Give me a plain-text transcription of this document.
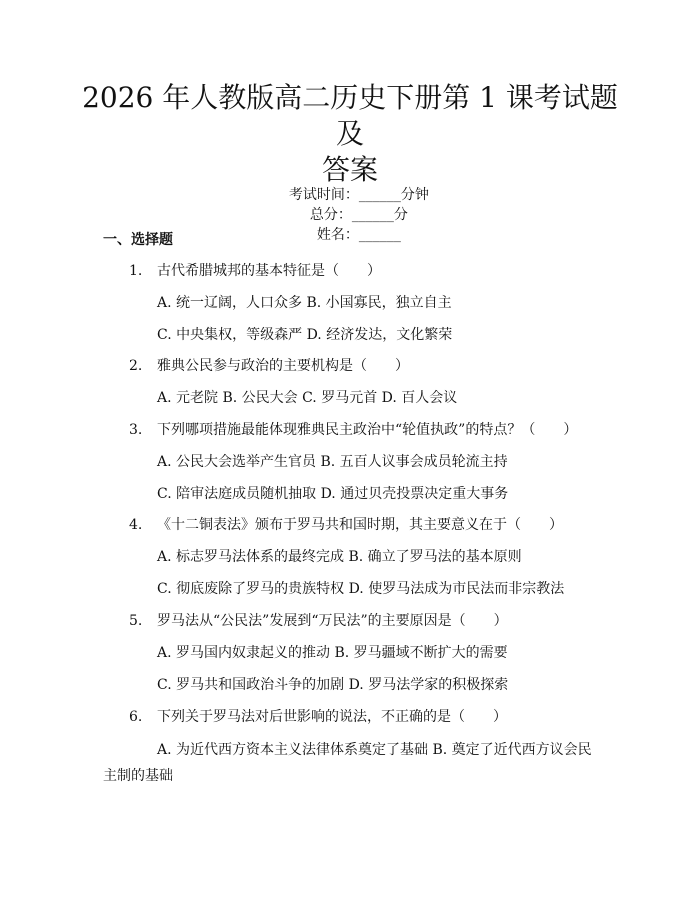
2026 年人教版高二历史下册第 1 课考试题及
答案

考试时间：______分钟
总分：______分
姓名：______

一、选择题
1. 古代希腊城邦的基本特征是（　　）
A. 统一辽阔，人口众多 B. 小国寡民，独立自主
C. 中央集权，等级森严 D. 经济发达，文化繁荣
2. 雅典公民参与政治的主要机构是（　　）
A. 元老院 B. 公民大会 C. 罗马元首 D. 百人会议
3. 下列哪项措施最能体现雅典民主政治中“轮值执政”的特点？（　　）
A. 公民大会选举产生官员 B. 五百人议事会成员轮流主持
C. 陪审法庭成员随机抽取 D. 通过贝壳投票决定重大事务
4. 《十二铜表法》颁布于罗马共和国时期，其主要意义在于（　　）
A. 标志罗马法体系的最终完成 B. 确立了罗马法的基本原则
C. 彻底废除了罗马的贵族特权 D. 使罗马法成为市民法而非宗教法
5. 罗马法从“公民法”发展到“万民法”的主要原因是（　　）
A. 罗马国内奴隶起义的推动 B. 罗马疆域不断扩大的需要
C. 罗马共和国政治斗争的加剧 D. 罗马法学家的积极探索
6. 下列关于罗马法对后世影响的说法，不正确的是（　　）
A. 为近代西方资本主义法律体系奠定了基础 B. 奠定了近代西方议会民
主制的基础
